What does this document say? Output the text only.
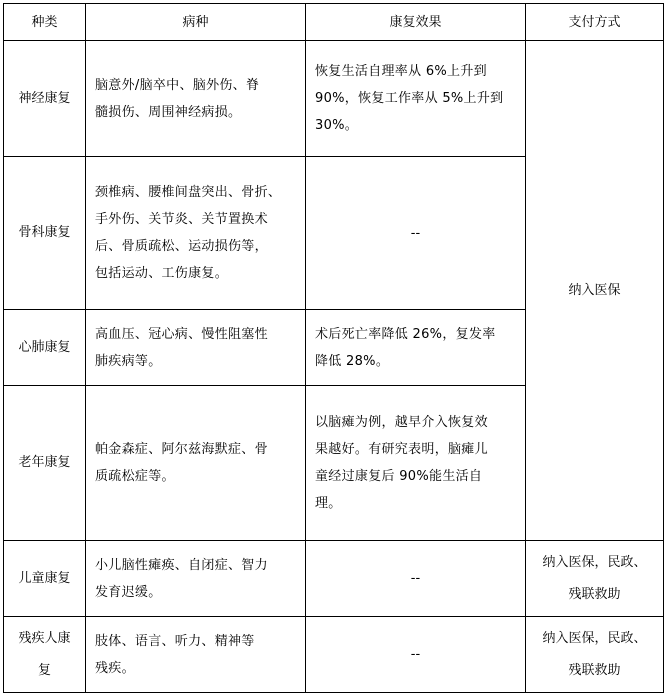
种类	病种	康复效果	支付方式

神经康复	脑意外/脑卒中、脑外伤、脊
髓损伤、周围神经病损。	恢复生活自理率从 6%上升到
90%，恢复工作率从 5%上升到
30%。	纳入医保

骨科康复	颈椎病、腰椎间盘突出、骨折、
手外伤、关节炎、关节置换术
后、骨质疏松、运动损伤等，
包括运动、工伤康复。	--	

心肺康复	高血压、冠心病、慢性阻塞性
肺疾病等。	术后死亡率降低 26%，复发率
降低 28%。	

老年康复	帕金森症、阿尔兹海默症、骨
质疏松症等。	以脑瘫为例，越早介入恢复效
果越好。有研究表明，脑瘫儿
童经过康复后 90%能生活自
理。	

儿童康复	小儿脑性瘫痪、自闭症、智力
发育迟缓。	--	纳入医保，民政、
残联救助

残疾人康
复	肢体、语言、听力、精神等
残疾。	--	纳入医保，民政、
残联救助
